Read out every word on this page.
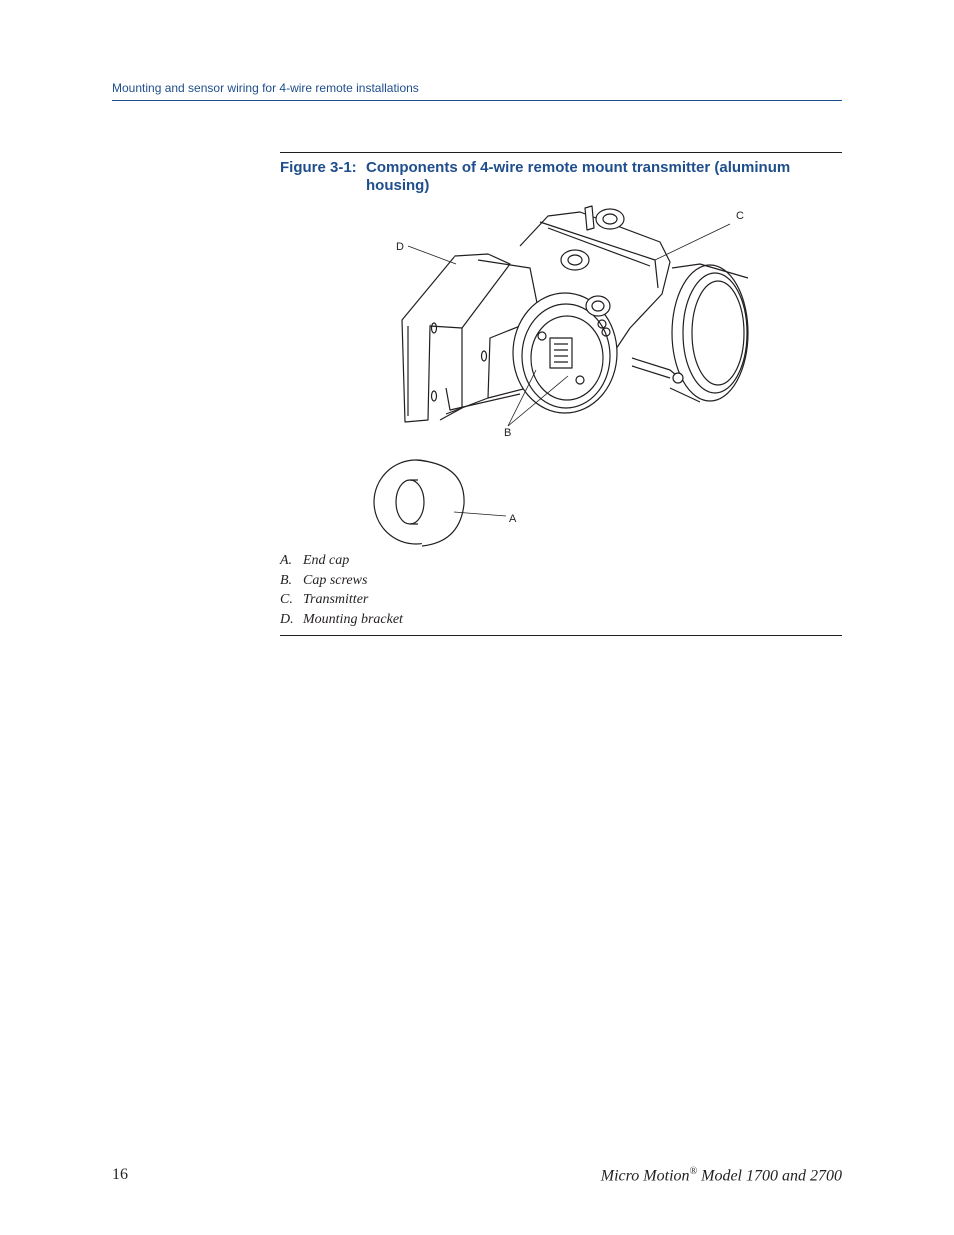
Mounting and sensor wiring for 4-wire remote installations
Figure 3-1: Components of 4-wire remote mount transmitter (aluminum housing)
D
C
B
A
A. End cap
B. Cap screws
C. Transmitter
D. Mounting bracket
16	Micro Motion® Model 1700 and 2700
